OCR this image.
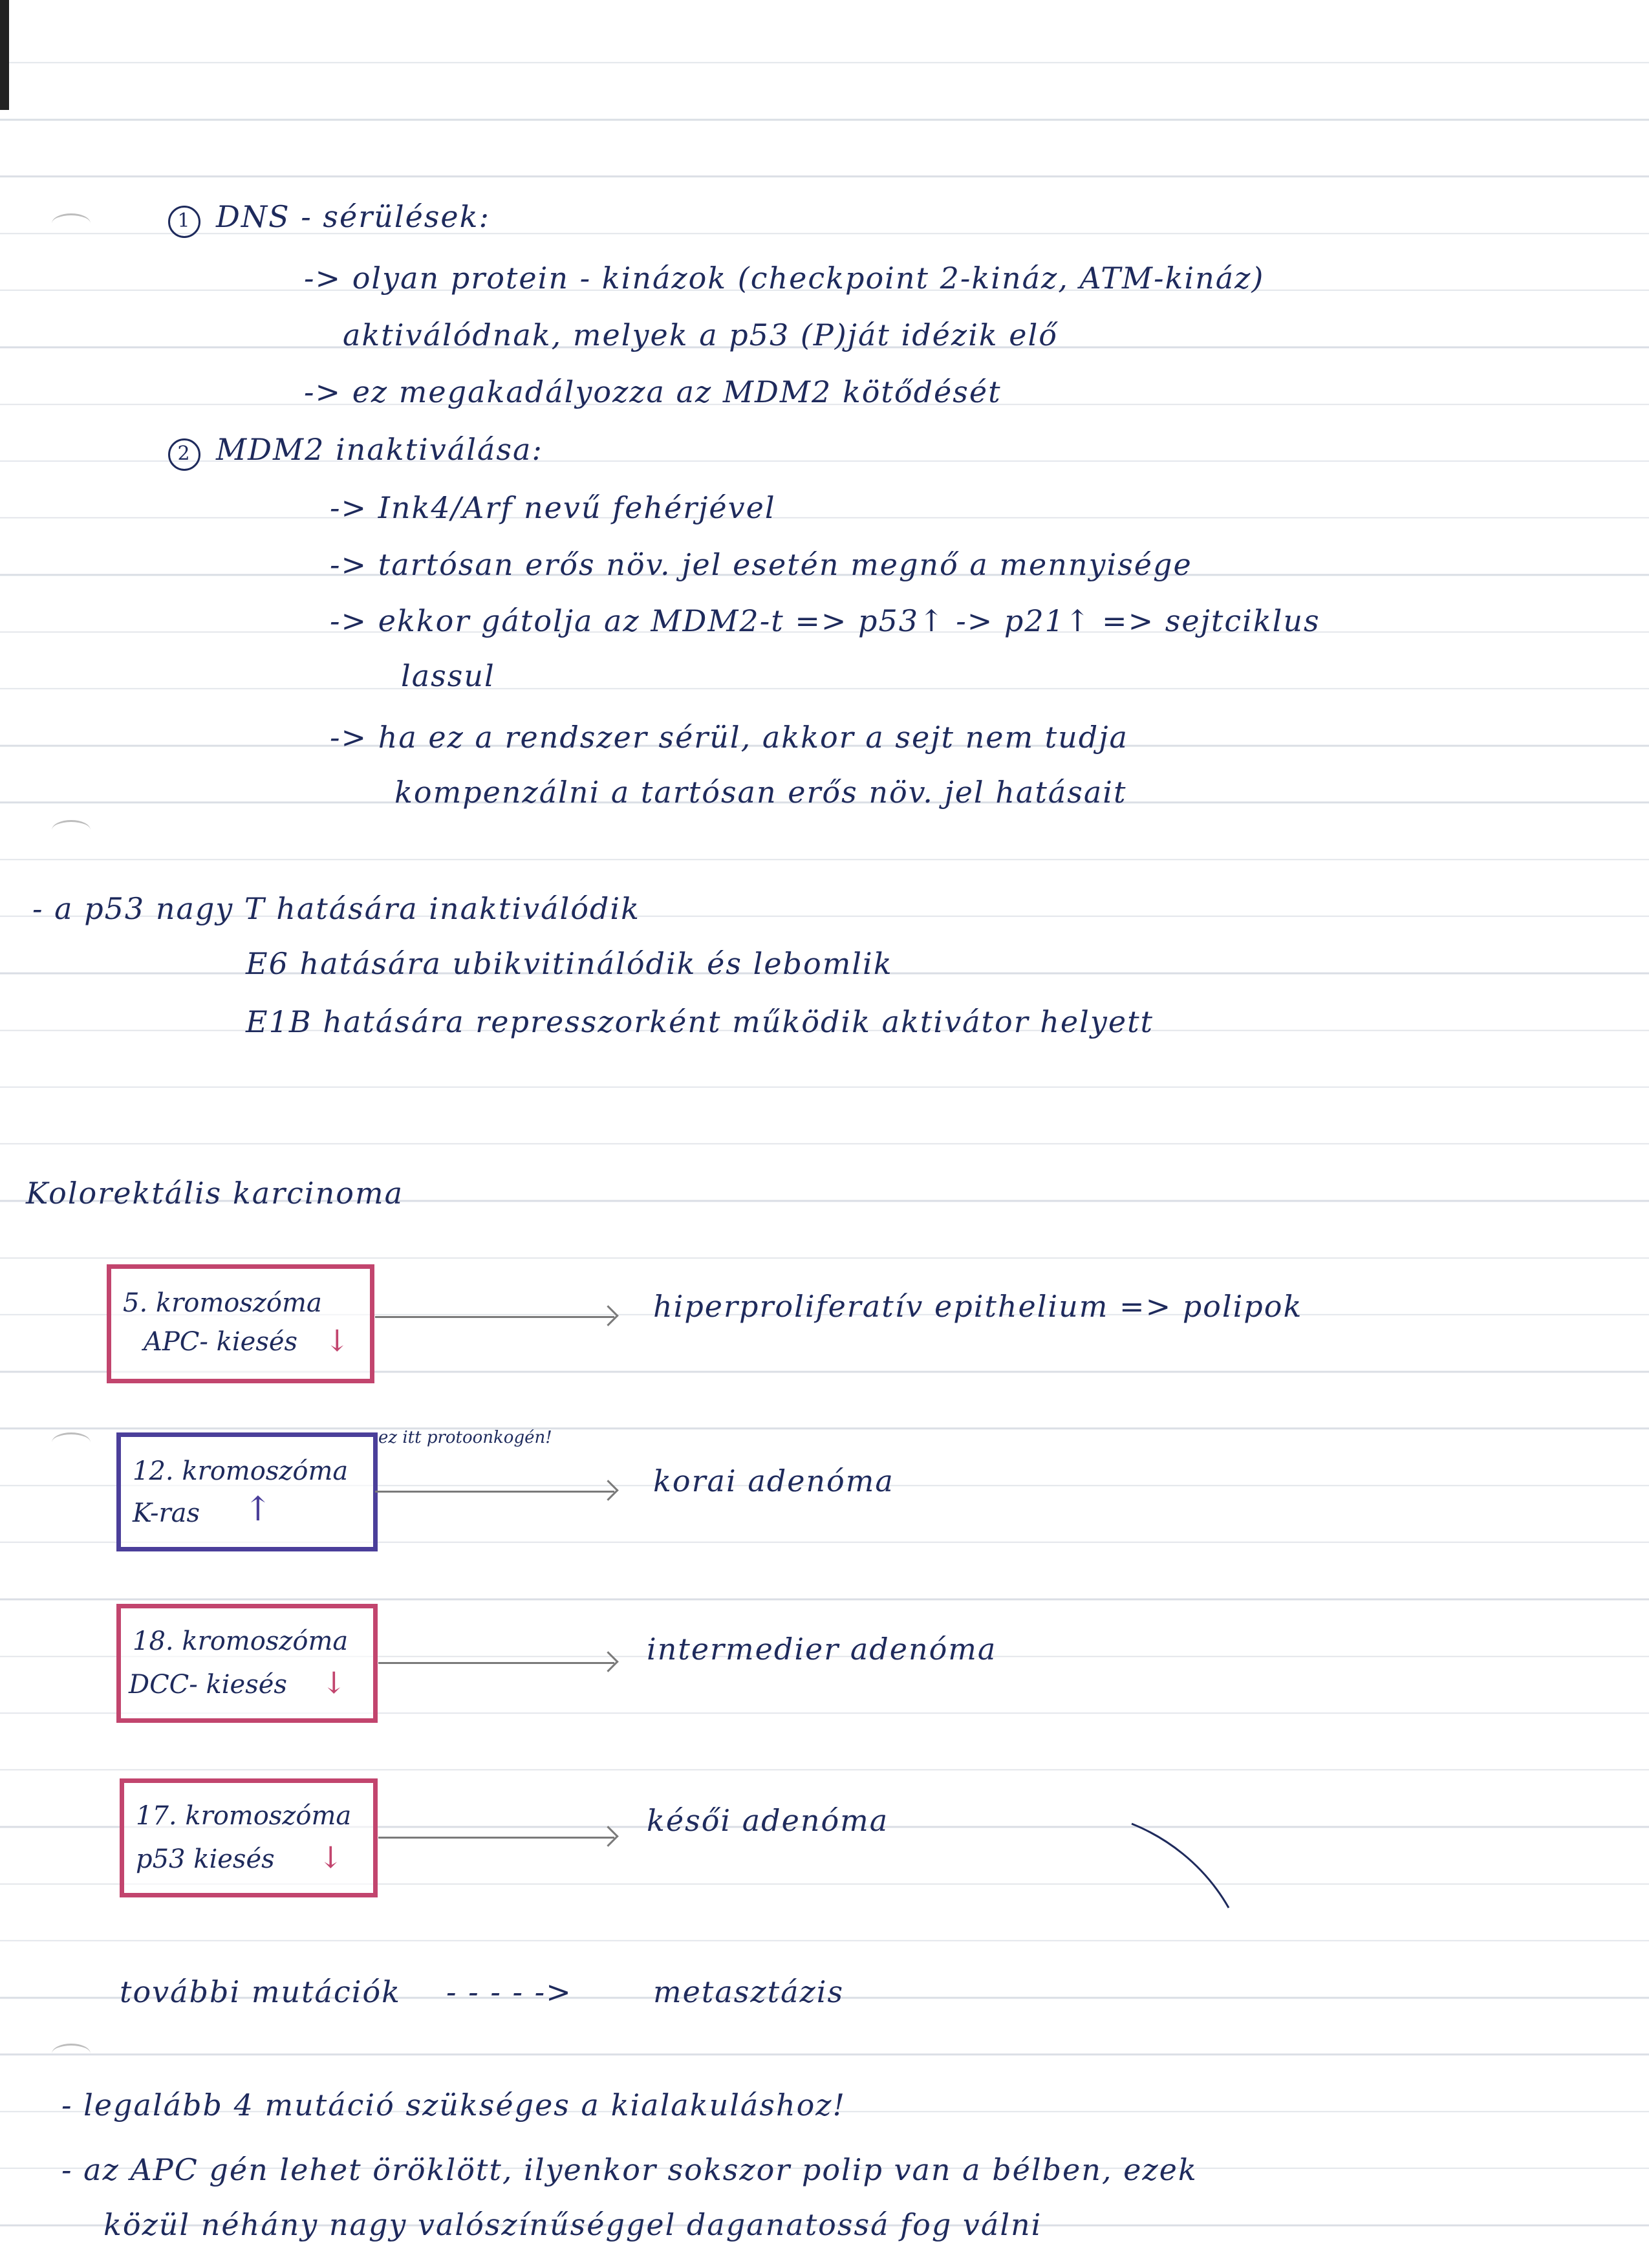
1 DNS - sérülések:
-> olyan protein - kinázok (checkpoint 2-kináz, ATM-kináz)
aktiválódnak, melyek a p53 (P)ját idézik elő
-> ez megakadályozza az MDM2 kötődését
2 MDM2 inaktiválása:
-> Ink4/Arf nevű fehérjével
-> tartósan erős növ. jel esetén megnő a mennyisége
-> ekkor gátolja az MDM2-t => p53↑ -> p21↑ => sejtciklus
lassul
-> ha ez a rendszer sérül, akkor a sejt nem tudja
kompenzálni a tartósan erős növ. jel hatásait
- a p53 nagy T hatására inaktiválódik
E6 hatására ubikvitinálódik és lebomlik
E1B hatására represszorként működik aktivátor helyett
Kolorektális karcinoma
5. kromoszóma
APC- kiesés ↓
hiperproliferatív epithelium => polipok
12. kromoszóma
K-ras ↑
ez itt protoonkogén!
korai adenóma
18. kromoszóma
DCC- kiesés ↓
intermedier adenóma
17. kromoszóma
p53 kiesés ↓
késői adenóma
további mutációk - - - - ->	metasztázis
- legalább 4 mutáció szükséges a kialakuláshoz!
- az APC gén lehet öröklött, ilyenkor sokszor polip van a bélben, ezek
közül néhány nagy valószínűséggel daganatossá fog válni
